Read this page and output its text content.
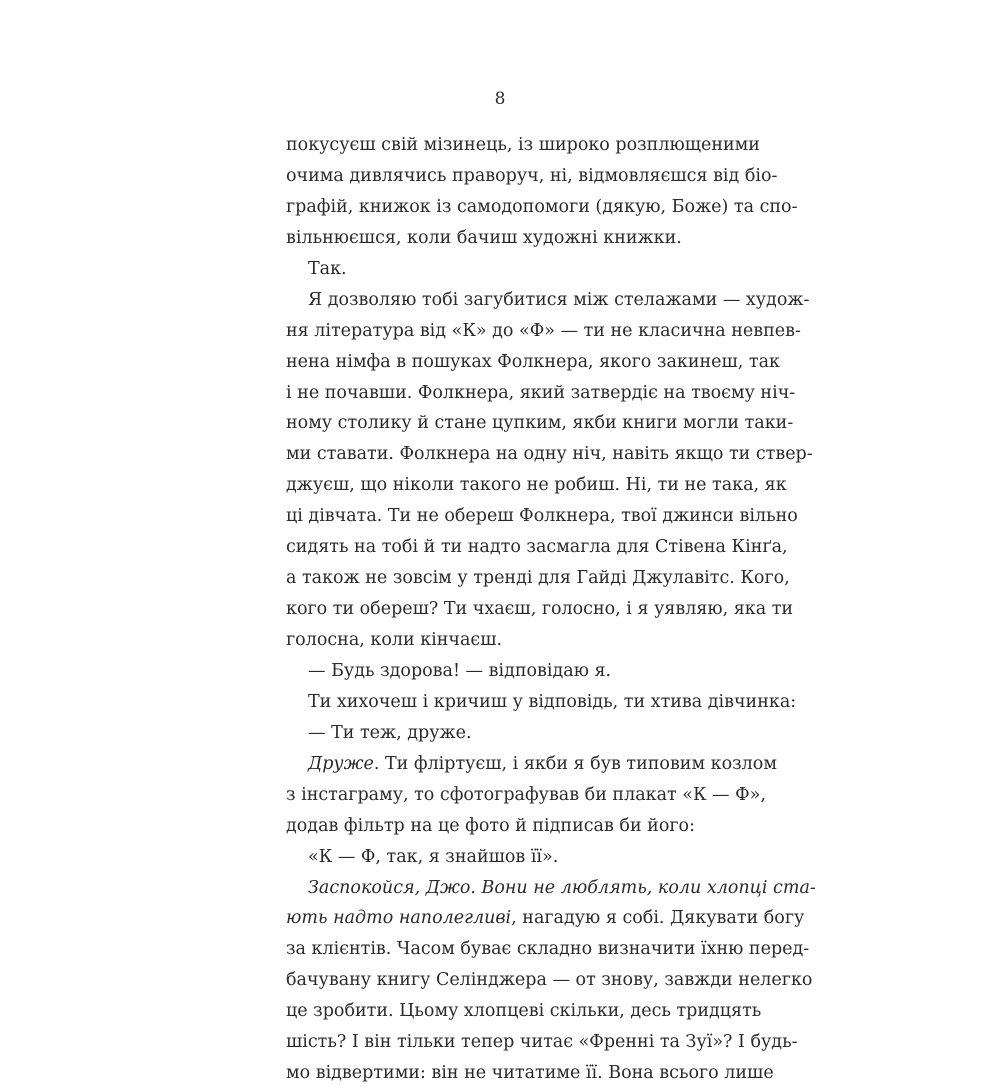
8
покусуєш свій мізинець, із широко розплющеними
очима дивлячись праворуч, ні, відмовляєшся від біо-
графій, книжок із самодопомоги (дякую, Боже) та спо-
вільнюєшся, коли бачиш художні книжки.
Так.
Я дозволяю тобі загубитися між стелажами — худож-
ня література від «К» до «Ф» — ти не класична невпев-
нена німфа в пошуках Фолкнера, якого закинеш, так
і не почавши. Фолкнера, який затвердіє на твоєму ніч-
ному столику й стане цупким, якби книги могли таки-
ми ставати. Фолкнера на одну ніч, навіть якщо ти ствер-
джуєш, що ніколи такого не робиш. Ні, ти не така, як
ці дівчата. Ти не обереш Фолкнера, твої джинси вільно
сидять на тобі й ти надто засмагла для Стівена Кінґа,
а також не зовсім у тренді для Гайді Джулавітс. Кого,
кого ти обереш? Ти чхаєш, голосно, і я уявляю, яка ти
голосна, коли кінчаєш.
— Будь здорова! — відповідаю я.
Ти хихочеш і кричиш у відповідь, ти хтива дівчинка:
— Ти теж, друже.
Друже. Ти фліртуєш, і якби я був типовим козлом
з інстаграму, то сфотографував би плакат «К — Ф»,
додав фільтр на це фото й підписав би його:
«К — Ф, так, я знайшов її».
Заспокойся, Джо. Вони не люблять, коли хлопці ста-
ють надто наполегливі, нагадую я собі. Дякувати богу
за клієнтів. Часом буває складно визначити їхню перед-
бачувану книгу Селінджера — от знову, завжди нелегко
це зробити. Цьому хлопцеві скільки, десь тридцять
шість? І він тільки тепер читає «Френні та Зуї»? І будь-
мо відвертими: він не читатиме її. Вона всього лише
